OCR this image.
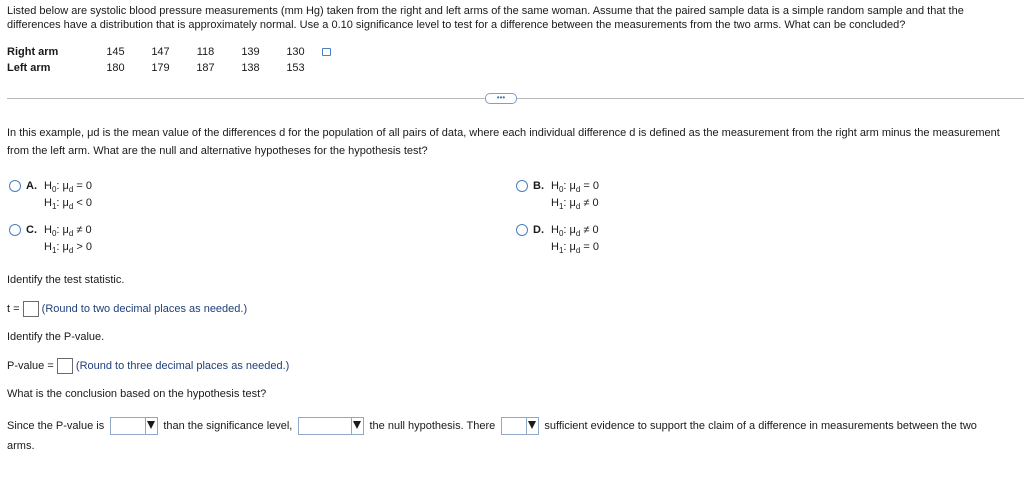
Listed below are systolic blood pressure measurements (mm Hg) taken from the right and left arms of the same woman. Assume that the paired sample data is a simple random sample and that the differences have a distribution that is approximately normal. Use a 0.10 significance level to test for a difference between the measurements from the two arms. What can be concluded?
Right arm	145	147	118	139	130	
Left arm	180	179	187	138	153	
•••
In this example, μd is the mean value of the differences d for the population of all pairs of data, where each individual difference d is defined as the measurement from the right arm minus the measurement from the left arm. What are the null and alternative hypotheses for the hypothesis test?
A. $H_0$: $\mu_d = 0$
$H_1$: $\mu_d < 0$
B. $H_0$: $\mu_d = 0$
$H_1$: $\mu_d \ne 0$
C. $H_0$: $\mu_d \ne 0$
$H_1$: $\mu_d > 0$
D. $H_0$: $\mu_d \ne 0$
$H_1$: $\mu_d = 0$
Identify the test statistic.
t = (Round to two decimal places as needed.)
Identify the P-value.
P-value = (Round to three decimal places as needed.)
What is the conclusion based on the hypothesis test?
Since the P-value is	than the significance level,	the null hypothesis. There	sufficient evidence to support the claim of a difference in measurements between the two
arms.
